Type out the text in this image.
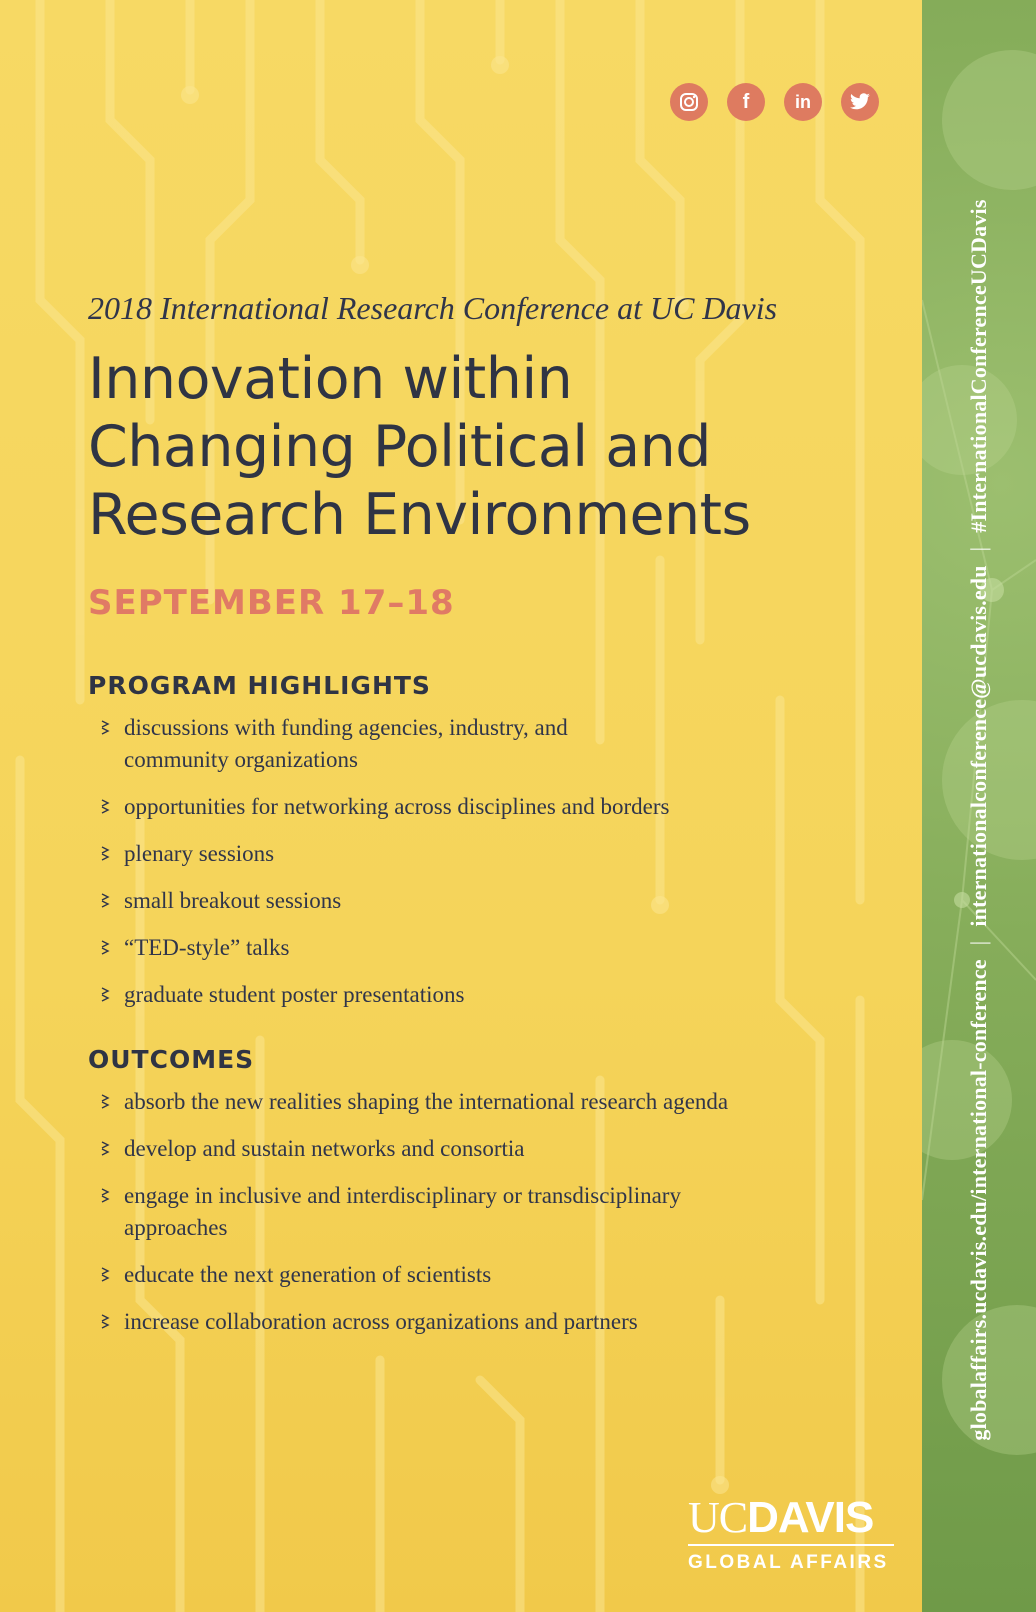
f	in

2018 International Research Conference at UC Davis

Innovation within
Changing Political and
Research Environments
SEPTEMBER 17–18
PROGRAM HIGHLIGHTS
discussions with funding agencies, industry, and
community organizations
opportunities for networking across disciplines and borders
plenary sessions
small breakout sessions
“TED-style” talks
graduate student poster presentations
OUTCOMES
absorb the new realities shaping the international research agenda
develop and sustain networks and consortia
engage in inclusive and interdisciplinary or transdisciplinary
approaches
educate the next generation of scientists
increase collaboration across organizations and partners
UCDAVIS
GLOBAL AFFAIRS
globalaffairs.ucdavis.edu/international-conference|internationalconference@ucdavis.edu|#InternationalConferenceUCDavis
